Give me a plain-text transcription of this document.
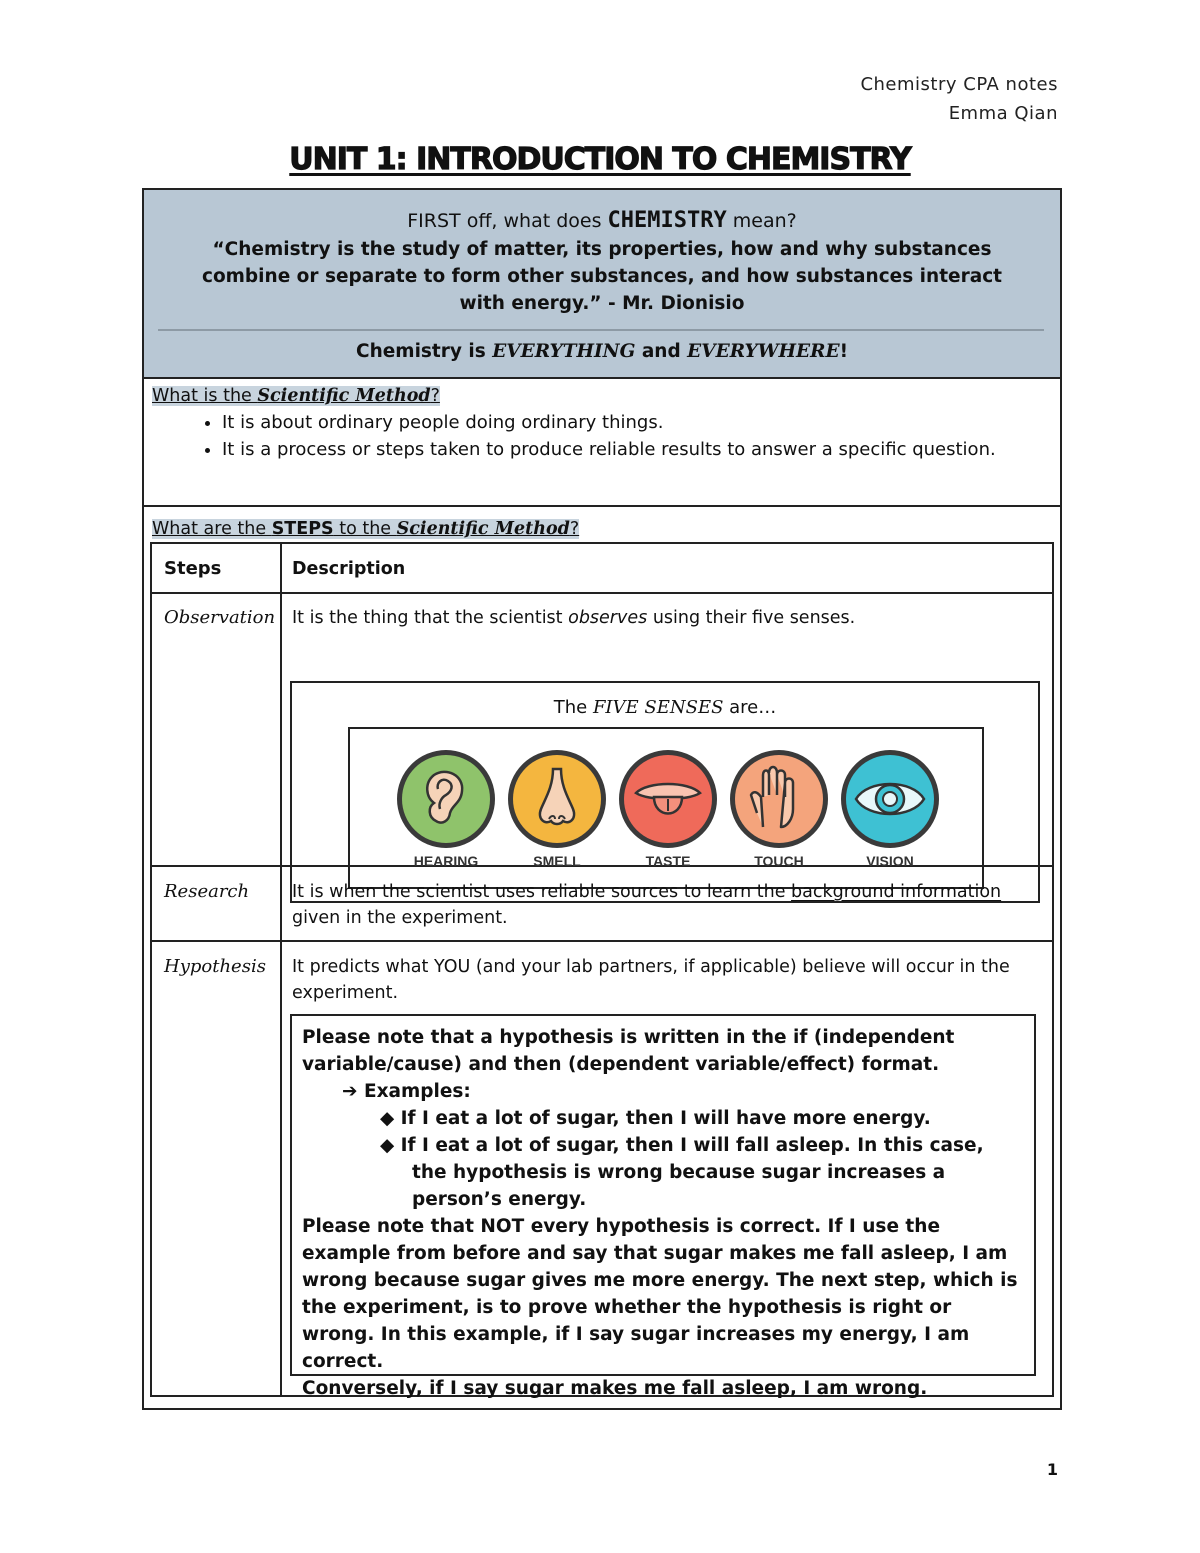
Chemistry CPA notes
Emma Qian
UNIT 1: INTRODUCTION TO CHEMISTRY
FIRST off, what does CHEMISTRY mean?
“Chemistry is the study of matter, its properties, how and why substances combine or separate to form other substances, and how substances interact with energy.” - Mr. Dionisio
Chemistry is EVERYTHING and EVERYWHERE!
What is the Scientific Method?
• It is about ordinary people doing ordinary things.
• It is a process or steps taken to produce reliable results to answer a specific question.
What are the STEPS to the Scientific Method?
Steps	Description
Observation It is the thing that the scientist observes using their five senses.
The FIVE SENSES are…
HEARING	SMELL	TASTE	TOUCH	VISION
Research It is when the scientist uses reliable sources to learn the background information given in the experiment.
Hypothesis It predicts what YOU (and your lab partners, if applicable) believe will occur in the experiment.
Please note that a hypothesis is written in the if (independent variable/cause) and then (dependent variable/effect) format.
➔ Examples:
◆ If I eat a lot of sugar, then I will have more energy.
◆ If I eat a lot of sugar, then I will fall asleep. In this case, the hypothesis is wrong because sugar increases a person’s energy.
Please note that NOT every hypothesis is correct. If I use the example from before and say that sugar makes me fall asleep, I am wrong because sugar gives me more energy. The next step, which is the experiment, is to prove whether the hypothesis is right or wrong. In this example, if I say sugar increases my energy, I am correct.
Conversely, if I say sugar makes me fall asleep, I am wrong.
1
